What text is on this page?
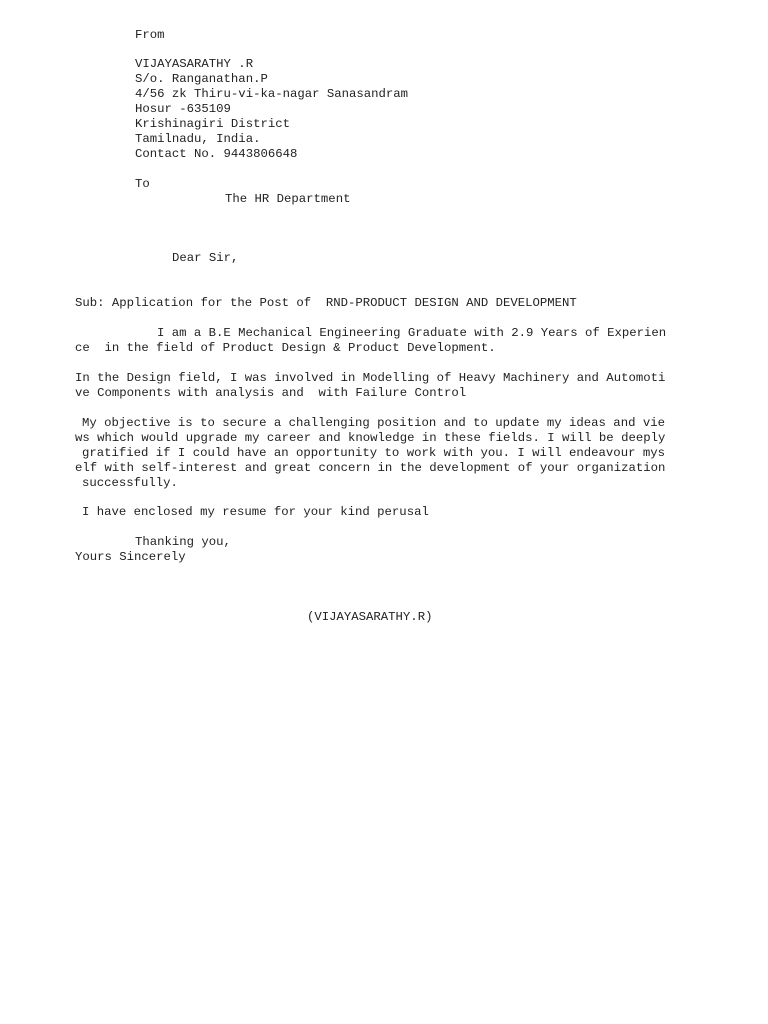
From
VIJAYASARATHY .R
S/o. Ranganathan.P
4/56 zk Thiru-vi-ka-nagar Sanasandram
Hosur -635109
Krishinagiri District
Tamilnadu, India.
Contact No. 9443806648
To
The HR Department
Dear Sir,
Sub: Application for the Post of  RND-PRODUCT DESIGN AND DEVELOPMENT
I am a B.E Mechanical Engineering Graduate with 2.9 Years of Experien
ce  in the field of Product Design & Product Development.
In the Design field, I was involved in Modelling of Heavy Machinery and Automoti
ve Components with analysis and  with Failure Control
My objective is to secure a challenging position and to update my ideas and vie
ws which would upgrade my career and knowledge in these fields. I will be deeply
gratified if I could have an opportunity to work with you. I will endeavour mys
elf with self-interest and great concern in the development of your organization
successfully.
I have enclosed my resume for your kind perusal
Thanking you,
Yours Sincerely
(VIJAYASARATHY.R)
